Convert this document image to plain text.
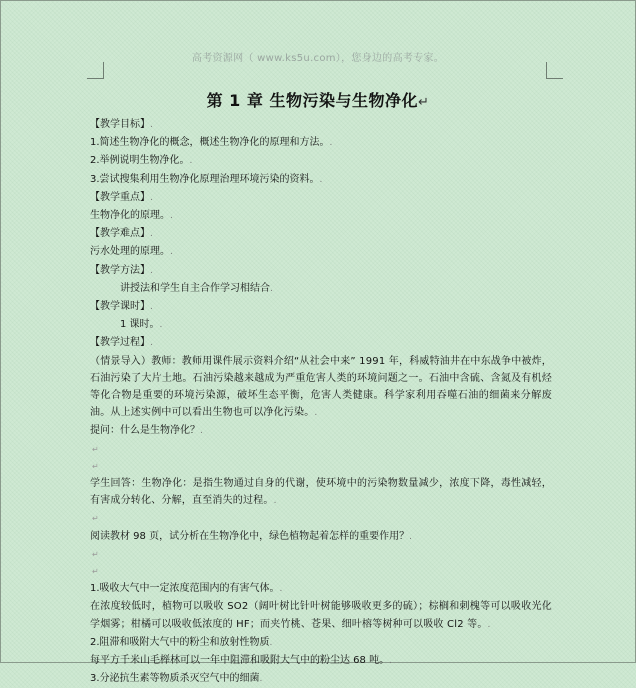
高考资源网（ www.ks5u.com），您身边的高考专家。
第 1 章 生物污染与生物净化↵
【教学目标】.
1.简述生物净化的概念，概述生物净化的原理和方法。.
2.举例说明生物净化。.
3.尝试搜集利用生物净化原理治理环境污染的资料。.
【教学重点】.
生物净化的原理。.
【教学难点】.
污水处理的原理。.
【教学方法】.
讲授法和学生自主合作学习相结合.
【教学课时】.
1 课时。.
【教学过程】.
（情景导入）教师：教师用课件展示资料介绍“从社会中来” 1991 年，科威特油井在中东战争中被炸，石油污染了大片土地。石油污染越来越成为严重危害人类的环境问题之一。石油中含硫、含氮及有机烃等化合物是重要的环境污染源，破坏生态平衡，危害人类健康。科学家利用吞噬石油的细菌来分解废油。从上述实例中可以看出生物也可以净化污染。.
提问：什么是生物净化？.
↵
↵
学生回答：生物净化：是指生物通过自身的代谢，使环境中的污染物数量减少，浓度下降，毒性减轻，有害成分转化、分解，直至消失的过程。.
↵
阅读教材 98 页，试分析在生物净化中，绿色植物起着怎样的重要作用？.
↵
↵
1.吸收大气中一定浓度范围内的有害气体。.
在浓度较低时，植物可以吸收 SO2（阔叶树比针叶树能够吸收更多的硫）；棕榈和刺槐等可以吸收光化学烟雾；柑橘可以吸收低浓度的 HF；而夹竹桃、苍果、细叶榕等树种可以吸收 Cl2 等。.
2.阻滞和吸附大气中的粉尘和放射性物质.
每平方千米山毛榉林可以一年中阻滞和吸附大气中的粉尘达 68 吨。.
3.分泌抗生素等物质杀灭空气中的细菌.
